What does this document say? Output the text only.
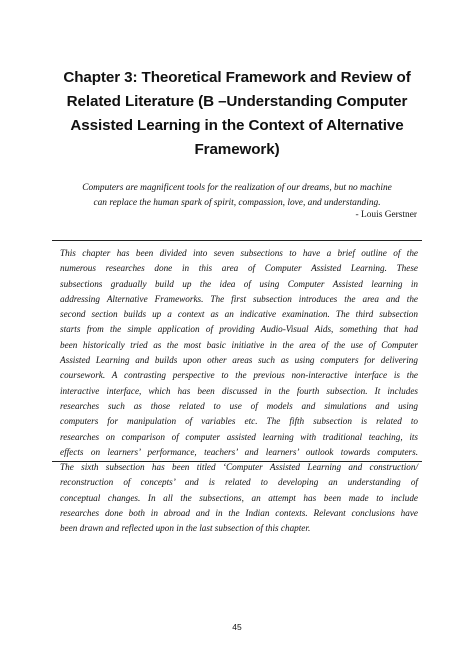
Chapter 3: Theoretical Framework and Review of
Related Literature (B –Understanding Computer
Assisted Learning in the Context of Alternative
Framework)
Computers are magnificent tools for the realization of our dreams, but no machine
can replace the human spark of spirit, compassion, love, and understanding.
- Louis Gerstner
This chapter has been divided into seven subsections to have a brief outline of the
numerous researches done in this area of Computer Assisted Learning. These
subsections gradually build up the idea of using Computer Assisted learning in
addressing Alternative Frameworks. The first subsection introduces the area and the
second section builds up a context as an indicative examination. The third subsection
starts from the simple application of providing Audio-Visual Aids, something that had
been historically tried as the most basic initiative in the area of the use of Computer
Assisted Learning and builds upon other areas such as using computers for delivering
coursework. A contrasting perspective to the previous non-interactive interface is the
interactive interface, which has been discussed in the fourth subsection. It includes
researches such as those related to use of models and simulations and using
computers for manipulation of variables etc. The fifth subsection is related to
researches on comparison of computer assisted learning with traditional teaching, its
effects on learners’ performance, teachers’ and learners’ outlook towards computers.
The sixth subsection has been titled ‘Computer Assisted Learning and construction/
reconstruction of concepts’ and is related to developing an understanding of
conceptual changes. In all the subsections, an attempt has been made to include
researches done both in abroad and in the Indian contexts. Relevant conclusions have
been drawn and reflected upon in the last subsection of this chapter.
45
